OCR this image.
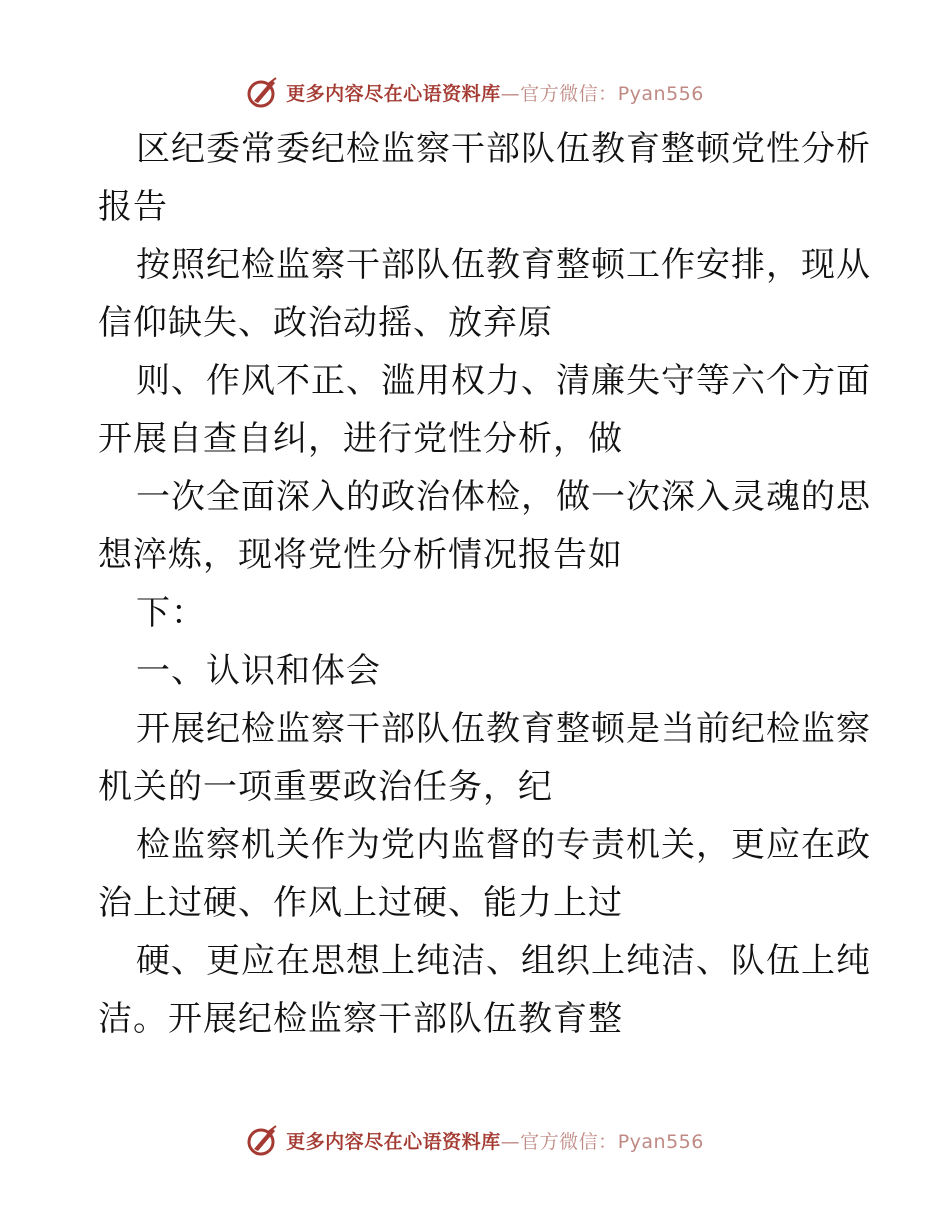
更多内容尽在心语资料库—官方微信：Pyan556
区纪委常委纪检监察干部队伍教育整顿党性分析
报告
按照纪检监察干部队伍教育整顿工作安排，现从
信仰缺失、政治动摇、放弃原
则、作风不正、滥用权力、清廉失守等六个方面
开展自查自纠，进行党性分析，做
一次全面深入的政治体检，做一次深入灵魂的思
想淬炼，现将党性分析情况报告如
下：
一、认识和体会
开展纪检监察干部队伍教育整顿是当前纪检监察
机关的一项重要政治任务，纪
检监察机关作为党内监督的专责机关，更应在政
治上过硬、作风上过硬、能力上过
硬、更应在思想上纯洁、组织上纯洁、队伍上纯
洁。开展纪检监察干部队伍教育整
更多内容尽在心语资料库—官方微信：Pyan556
